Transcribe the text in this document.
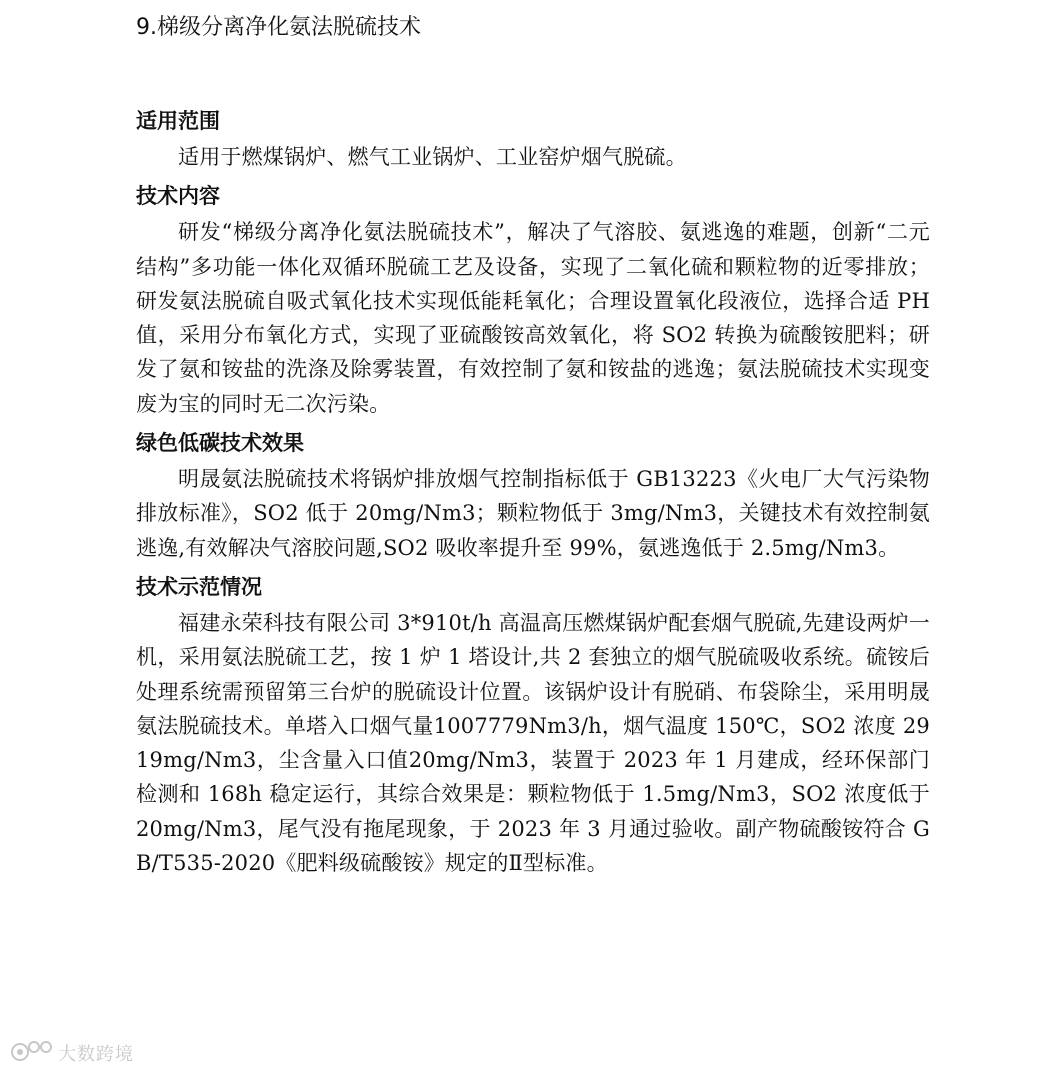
9.梯级分离净化氨法脱硫技术
适用范围

适用于燃煤锅炉、燃气工业锅炉、工业窑炉烟气脱硫。

技术内容

研发“梯级分离净化氨法脱硫技术”，解决了气溶胶、氨逃逸的难题，创新“二元结构”多功能一体化双循环脱硫工艺及设备，实现了二氧化硫和颗粒物的近零排放；研发氨法脱硫自吸式氧化技术实现低能耗氧化；合理设置氧化段液位，选择合适 PH 值，采用分布氧化方式，实现了亚硫酸铵高效氧化，将 SO2 转换为硫酸铵肥料；研发了氨和铵盐的洗涤及除雾装置，有效控制了氨和铵盐的逃逸；氨法脱硫技术实现变废为宝的同时无二次污染。

绿色低碳技术效果

明晟氨法脱硫技术将锅炉排放烟气控制指标低于 GB13223《火电厂大气污染物排放标准》，SO2 低于 20mg/Nm3；颗粒物低于 3mg/Nm3，关键技术有效控制氨逃逸,有效解决气溶胶问题,SO2 吸收率提升至 99%，氨逃逸低于 2.5mg/Nm3。

技术示范情况

福建永荣科技有限公司 3*910t/h 高温高压燃煤锅炉配套烟气脱硫,先建设两炉一机，采用氨法脱硫工艺，按 1 炉 1 塔设计,共 2 套独立的烟气脱硫吸收系统。硫铵后处理系统需预留第三台炉的脱硫设计位置。该锅炉设计有脱硝、布袋除尘，采用明晟氨法脱硫技术。单塔入口烟气量1007779Nm3/h，烟气温度 150℃，SO2 浓度 2919mg/Nm3，尘含量入口值20mg/Nm3，装置于 2023 年 1 月建成，经环保部门检测和 168h 稳定运行，其综合效果是：颗粒物低于 1.5mg/Nm3，SO2 浓度低于 20mg/Nm3，尾气没有拖尾现象，于 2023 年 3 月通过验收。副产物硫酸铵符合 GB/T535-2020《肥料级硫酸铵》规定的Ⅱ型标准。

大数跨境
